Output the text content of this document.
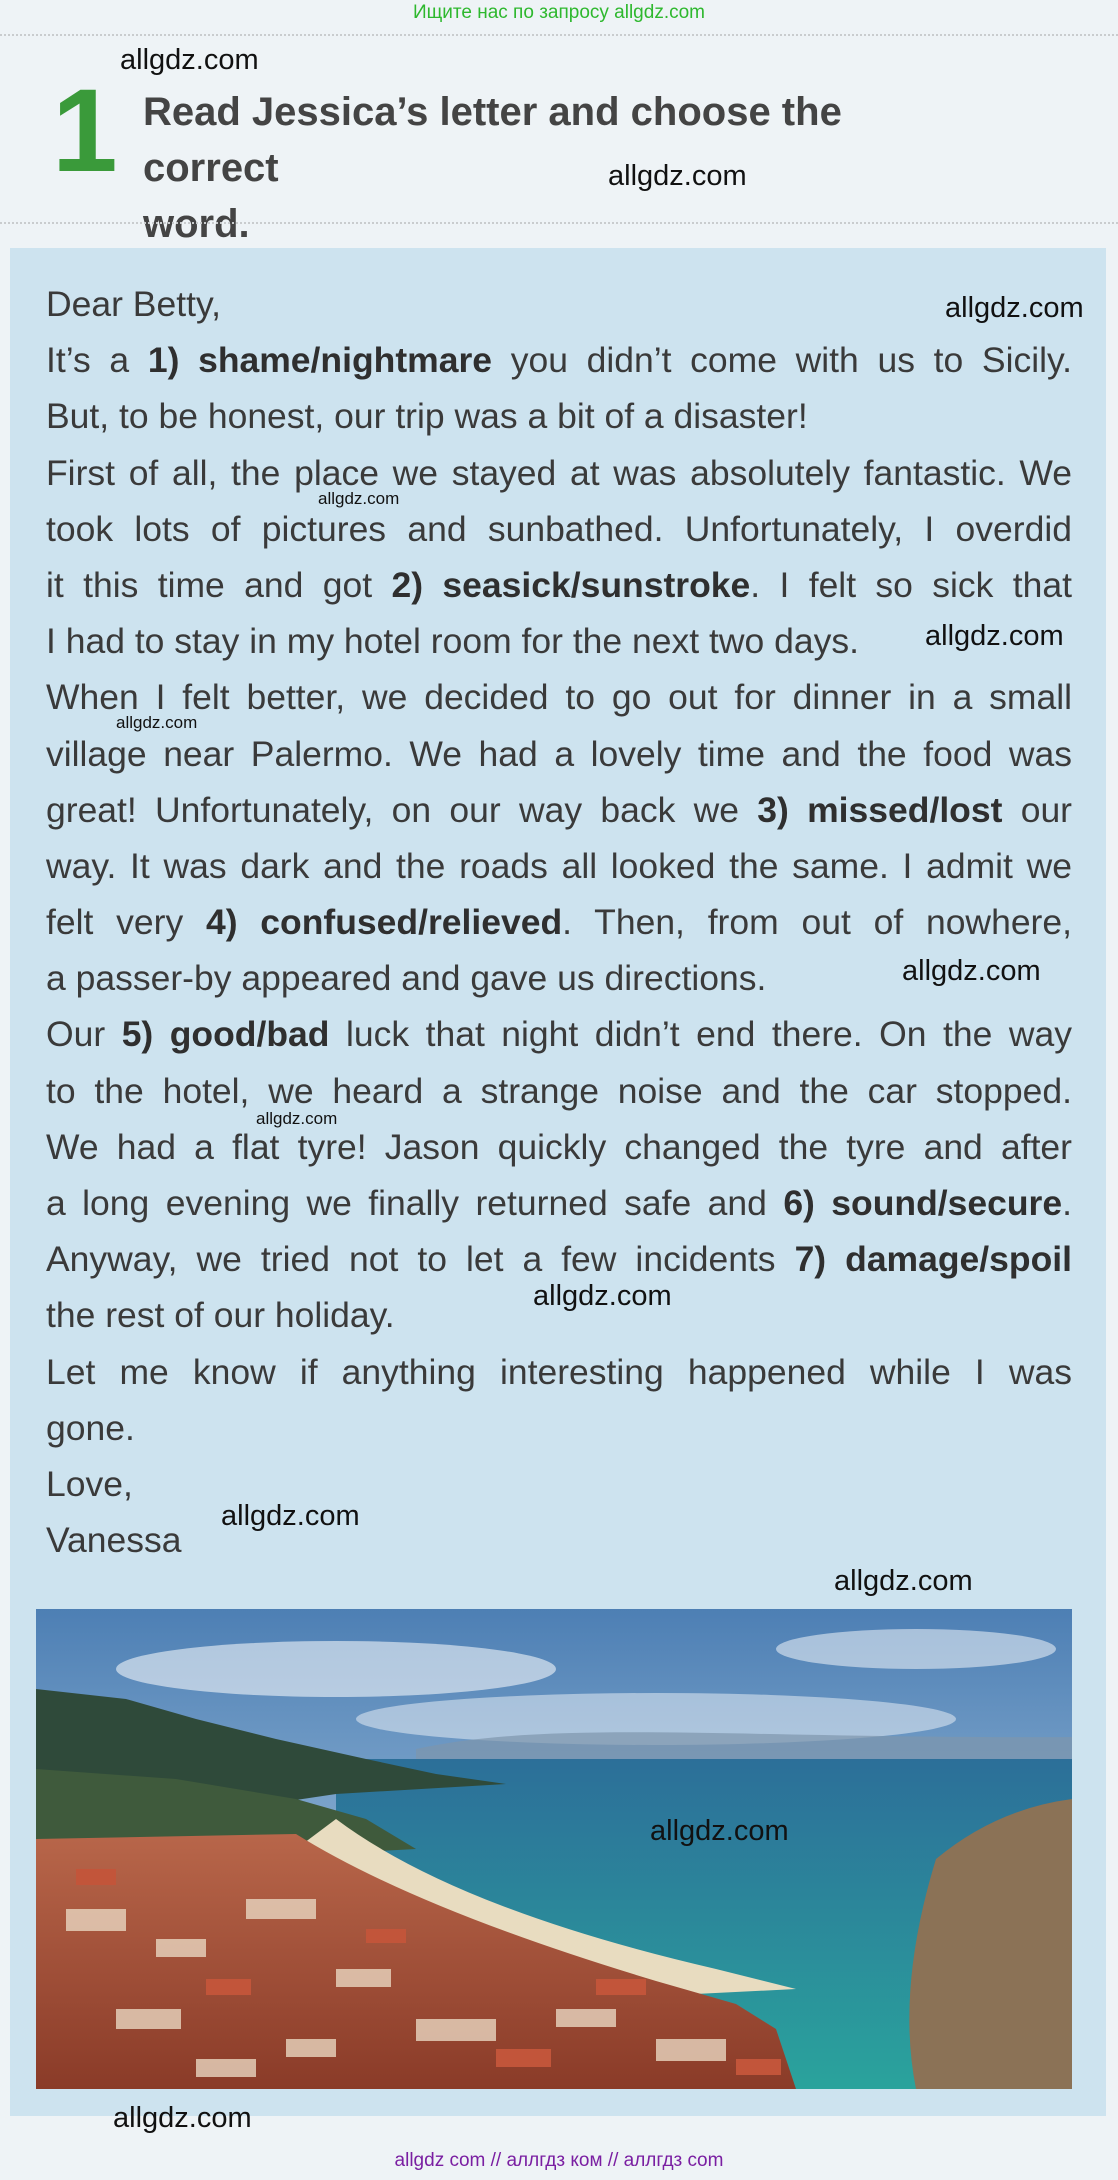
Ищите нас по запросу allgdz.com
1 Read Jessica’s letter and choose the correct
word.
Dear Betty,
It’s a 1) shame/nightmare you didn’t come with us to Sicily.
But, to be honest, our trip was a bit of a disaster!
First of all, the place we stayed at was absolutely fantastic. We
took lots of pictures and sunbathed. Unfortunately, I overdid
it this time and got 2) seasick/sunstroke. I felt so sick that
I had to stay in my hotel room for the next two days.
When I felt better, we decided to go out for dinner in a small
village near Palermo. We had a lovely time and the food was
great! Unfortunately, on our way back we 3) missed/lost our
way. It was dark and the roads all looked the same. I admit we
felt very 4) confused/relieved. Then, from out of nowhere,
a passer-by appeared and gave us directions.
Our 5) good/bad luck that night didn’t end there. On the way
to the hotel, we heard a strange noise and the car stopped.
We had a flat tyre! Jason quickly changed the tyre and after
a long evening we finally returned safe and 6) sound/secure.
Anyway, we tried not to let a few incidents 7) damage/spoil
the rest of our holiday.
Let me know if anything interesting happened while I was
gone.
Love,
Vanessa
allgdz.com
allgdz.com
allgdz.com
allgdz.com
allgdz.com
allgdz.com
allgdz.com
allgdz.com
allgdz.com
allgdz.com
allgdz.com
allgdz.com
allgdz.com
allgdz com // аллгдз ком // аллгдз com
